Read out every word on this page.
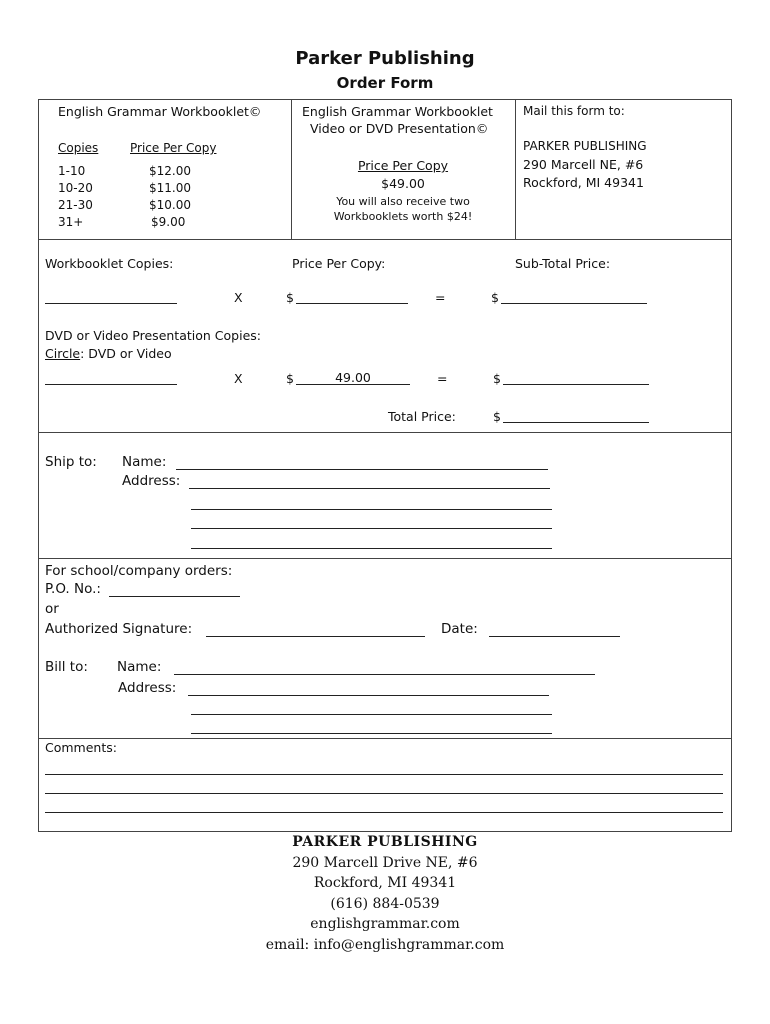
Parker Publishing
Order Form
English Grammar Workbooklet©
Copies	Price Per Copy
1-10	$12.00
10-20	$11.00
21-30	$10.00
31+	$9.00
English Grammar Workbooklet
Video or DVD Presentation©
Price Per Copy
$49.00
You will also receive two
Workbooklets worth $24!
Mail this form to:
PARKER PUBLISHING
290 Marcell NE, #6
Rockford, MI 49341
Workbooklet Copies:	Price Per Copy:	Sub-Total Price:
X	$	=	$
DVD or Video Presentation Copies:
Circle: DVD or Video
X	$	49.00	=	$
Total Price:	$
Ship to: Name:
Address:
For school/company orders:
P.O. No.:
or
Authorized Signature:	Date:
Bill to: Name:
Address:
Comments:
PARKER PUBLISHING
290 Marcell Drive NE, #6
Rockford, MI 49341
(616) 884-0539
englishgrammar.com
email: info@englishgrammar.com
